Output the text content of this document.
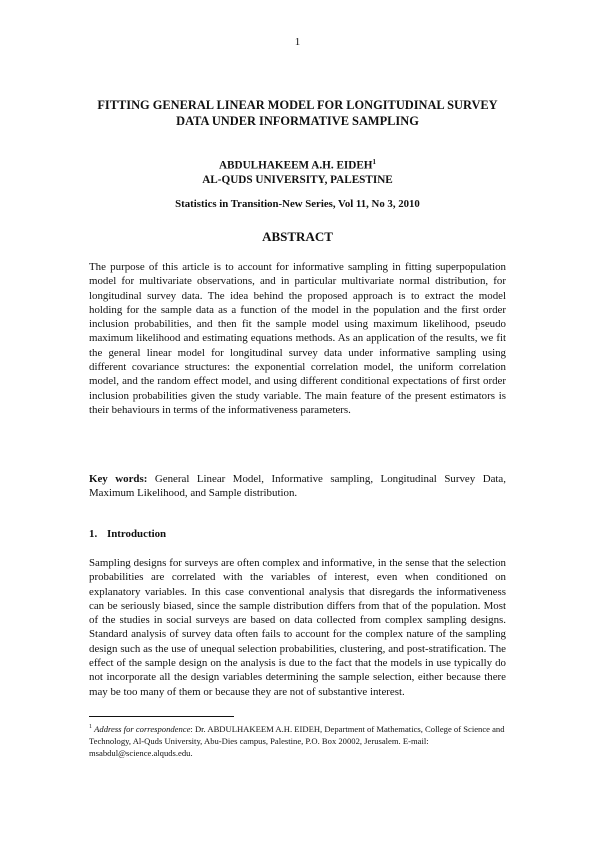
1
FITTING GENERAL LINEAR MODEL FOR LONGITUDINAL SURVEY DATA UNDER INFORMATIVE SAMPLING
ABDULHAKEEM A.H. EIDEH$^1$
AL-QUDS UNIVERSITY, PALESTINE
Statistics in Transition-New Series, Vol 11, No 3, 2010
ABSTRACT
The purpose of this article is to account for informative sampling in fitting superpopulation model for multivariate observations, and in particular multivariate normal distribution, for longitudinal survey data. The idea behind the proposed approach is to extract the model holding for the sample data as a function of the model in the population and the first order inclusion probabilities, and then fit the sample model using maximum likelihood, pseudo maximum likelihood and estimating equations methods. As an application of the results, we fit the general linear model for longitudinal survey data under informative sampling using different covariance structures: the exponential correlation model, the uniform correlation model, and the random effect model, and using different conditional expectations of first order inclusion probabilities given the study variable. The main feature of the present estimators is their behaviours in terms of the informativeness parameters.
Key words: General Linear Model, Informative sampling, Longitudinal Survey Data, Maximum Likelihood, and Sample distribution.
1. Introduction
Sampling designs for surveys are often complex and informative, in the sense that the selection probabilities are correlated with the variables of interest, even when conditioned on explanatory variables. In this case conventional analysis that disregards the informativeness can be seriously biased, since the sample distribution differs from that of the population. Most of the studies in social surveys are based on data collected from complex sampling designs. Standard analysis of survey data often fails to account for the complex nature of the sampling design such as the use of unequal selection probabilities, clustering, and post-stratification. The effect of the sample design on the analysis is due to the fact that the models in use typically do not incorporate all the design variables determining the sample selection, either because there may be too many of them or because they are not of substantive interest.
$^1$ Address for correspondence: Dr. ABDULHAKEEM A.H. EIDEH, Department of Mathematics, College of Science and Technology, Al-Quds University, Abu-Dies campus, Palestine, P.O. Box 20002, Jerusalem. E-mail: msabdul@science.alquds.edu.
